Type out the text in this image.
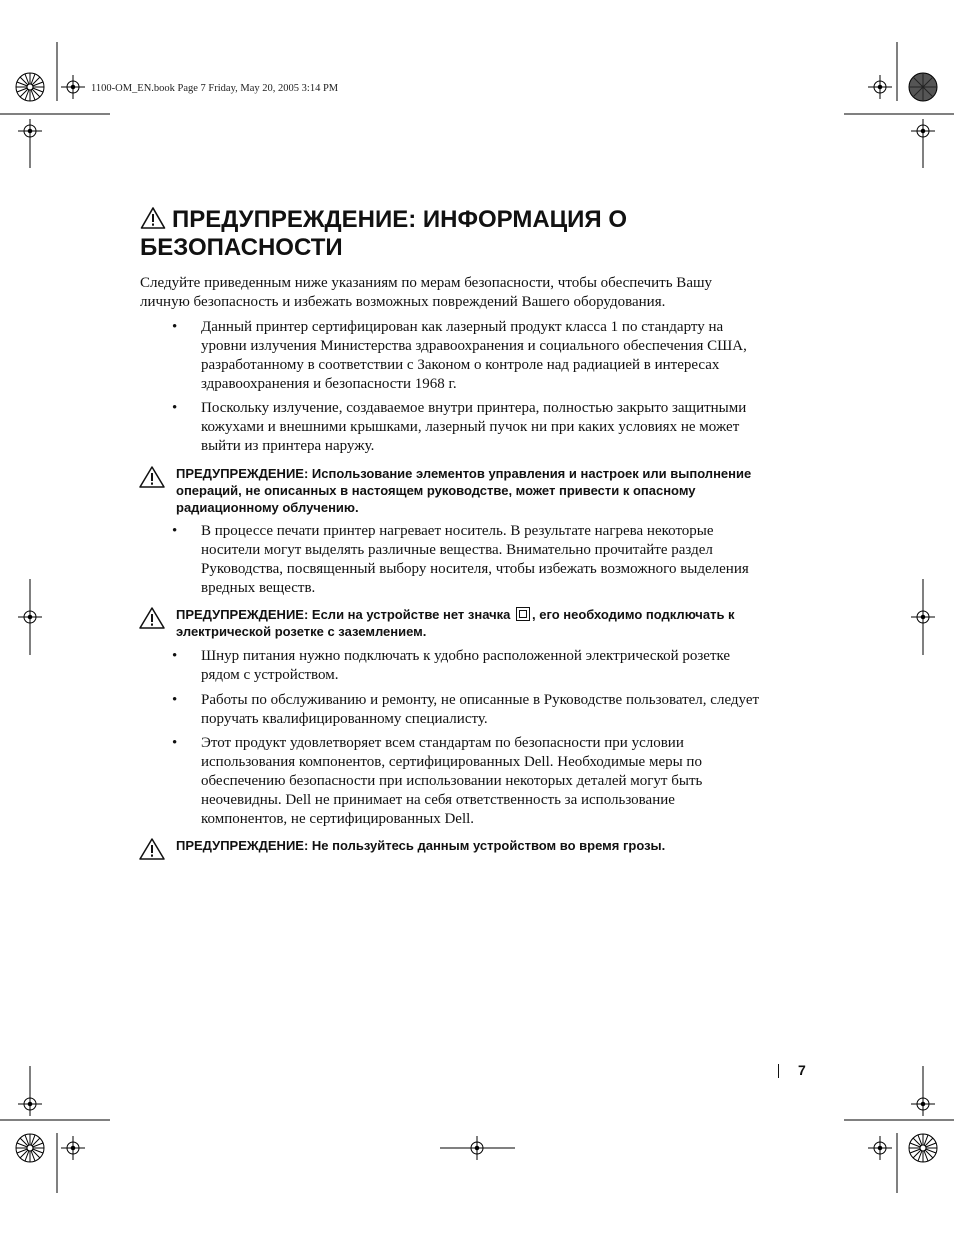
1100-OM_EN.book Page 7 Friday, May 20, 2005 3:14 PM
ПРЕДУПРЕЖДЕНИЕ: ИНФОРМАЦИЯ О БЕЗОПАСНОСТИ

Следуйте приведенным ниже указаниям по мерам безопасности, чтобы обеспечить Вашу личную безопасность и избежать возможных повреждений Вашего оборудования.

•	Данный принтер сертифицирован как лазерный продукт класса 1 по стандарту на уровни излучения Министерства здравоохранения и социального обеспечения США, разработанному в соответствии с Законом о контроле над радиацией в интересах здравоохранения и безопасности 1968 г.
•	Поскольку излучение, создаваемое внутри принтера, полностью закрыто защитными кожухами и внешними крышками, лазерный пучок ни при каких условиях не может выйти из принтера наружу.
ПРЕДУПРЕЖДЕНИЕ: Использование элементов управления и настроек или выполнение операций, не описанных в настоящем руководстве, может привести к опасному радиационному облучению.
•	В процессе печати принтер нагревает носитель. В результате нагрева некоторые носители могут выделять различные вещества. Внимательно прочитайте раздел Руководства, посвященный выбору носителя, чтобы избежать возможного выделения вредных веществ.
ПРЕДУПРЕЖДЕНИЕ: Если на устройстве нет значка , его необходимо подключать к электрической розетке с заземлением.
•	Шнур питания нужно подключать к удобно расположенной электрической розетке рядом с устройством.
•	Работы по обслуживанию и ремонту, не описанные в Руководстве пользовател, следует поручать квалифицированному специалисту.
•	Этот продукт удовлетворяет всем стандартам по безопасности при условии использования компонентов, сертифицированных Dell. Необходимые меры по обеспечению безопасности при использовании некоторых деталей могут быть неочевидны. Dell не принимает на себя ответственность за использование компонентов, не сертифицированных Dell.
ПРЕДУПРЕЖДЕНИЕ: Не пользуйтесь данным устройством во время грозы.
7
